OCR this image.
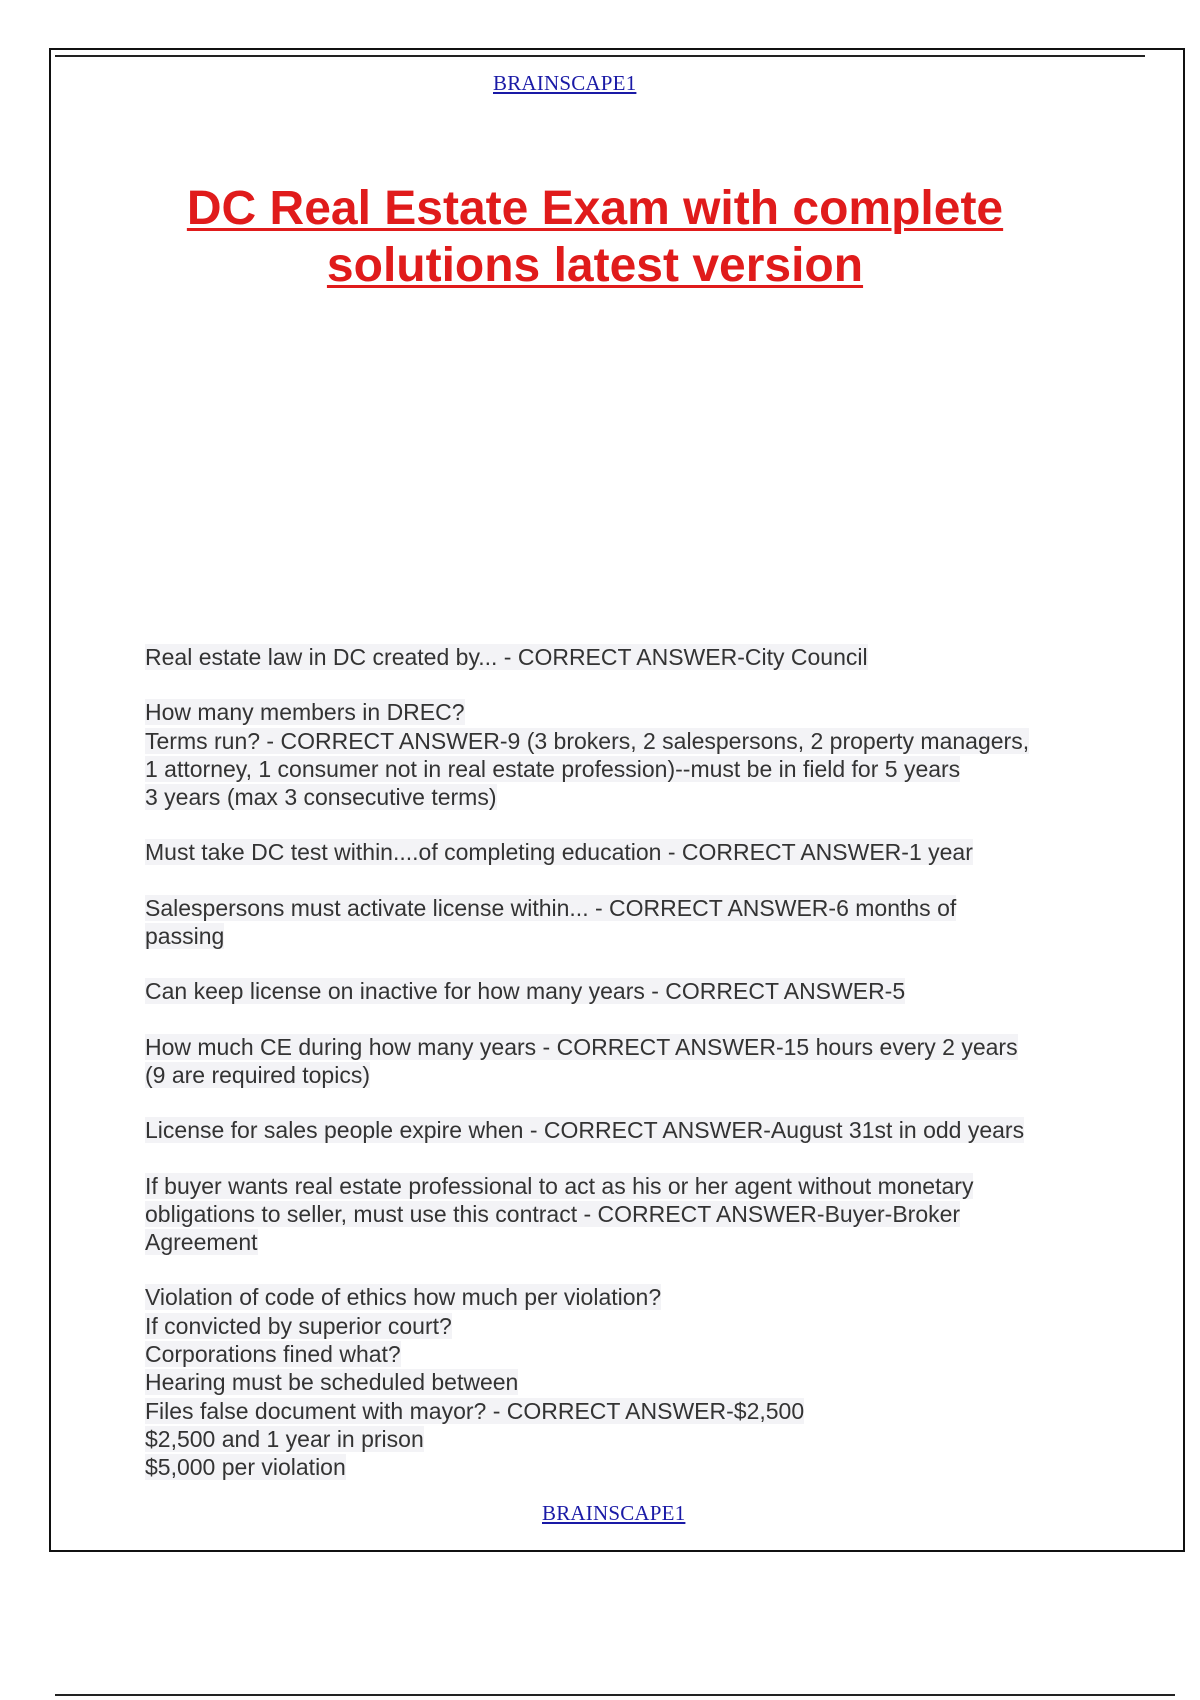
BRAINSCAPE1
DC Real Estate Exam with complete
solutions latest version
Real estate law in DC created by... - CORRECT ANSWER-City Council
How many members in DREC?
Terms run? - CORRECT ANSWER-9 (3 brokers, 2 salespersons, 2 property managers,
1 attorney, 1 consumer not in real estate profession)--must be in field for 5 years
3 years (max 3 consecutive terms)
Must take DC test within....of completing education - CORRECT ANSWER-1 year
Salespersons must activate license within... - CORRECT ANSWER-6 months of
passing
Can keep license on inactive for how many years - CORRECT ANSWER-5
How much CE during how many years - CORRECT ANSWER-15 hours every 2 years
(9 are required topics)
License for sales people expire when - CORRECT ANSWER-August 31st in odd years
If buyer wants real estate professional to act as his or her agent without monetary
obligations to seller, must use this contract - CORRECT ANSWER-Buyer-Broker
Agreement
Violation of code of ethics how much per violation?
If convicted by superior court?
Corporations fined what?
Hearing must be scheduled between
Files false document with mayor? - CORRECT ANSWER-$2,500
$2,500 and 1 year in prison
$5,000 per violation
BRAINSCAPE1
